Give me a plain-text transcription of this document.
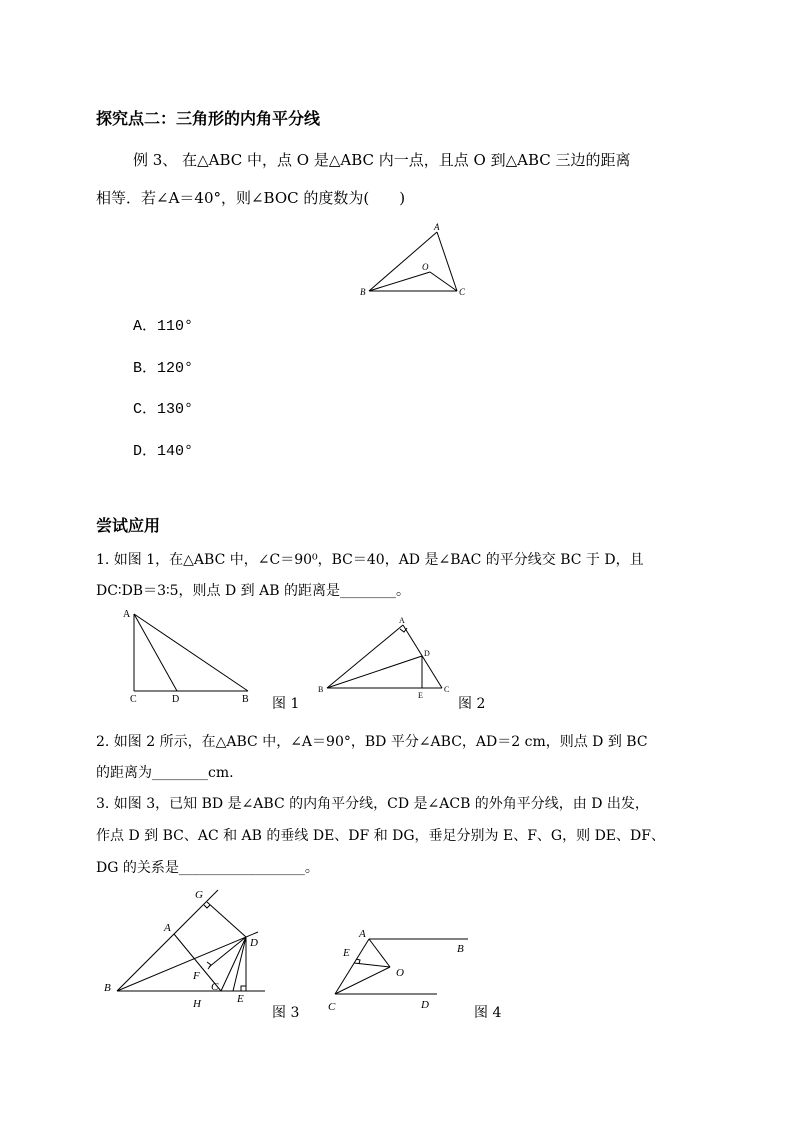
探究点二：三角形的内角平分线
例 3、 在△ABC 中，点 O 是△ABC 内一点，且点 O 到△ABC 三边的距离
相等．若∠A＝40°，则∠BOC 的度数为(　　)
A
B	C
O
A．110°
B．120°
C．130°
D．140°
尝试应用
1. 如图 1，在△ABC 中，∠C＝90⁰，BC＝40，AD 是∠BAC 的平分线交 BC 于 D，且
DC∶DB＝3∶5，则点 D 到 AB 的距离是________。
A
C	D	B 图 1
A
B	C
D
E
图 2
2. 如图 2 所示，在△ABC 中，∠A＝90°，BD 平分∠ABC，AD＝2 cm，则点 D 到 BC
的距离为________cm.
3. 如图 3，已知 BD 是∠ABC 的内角平分线，CD 是∠ACB 的外角平分线，由 D 出发，
作点 D 到 BC、AC 和 AB 的垂线 DE、DF 和 DG，垂足分别为 E、F、G，则 DE、DF、
DG 的关系是__________________。
B
A
G
D
F
C
H	E
图 3
A
B
E
O
C	D	图 4
